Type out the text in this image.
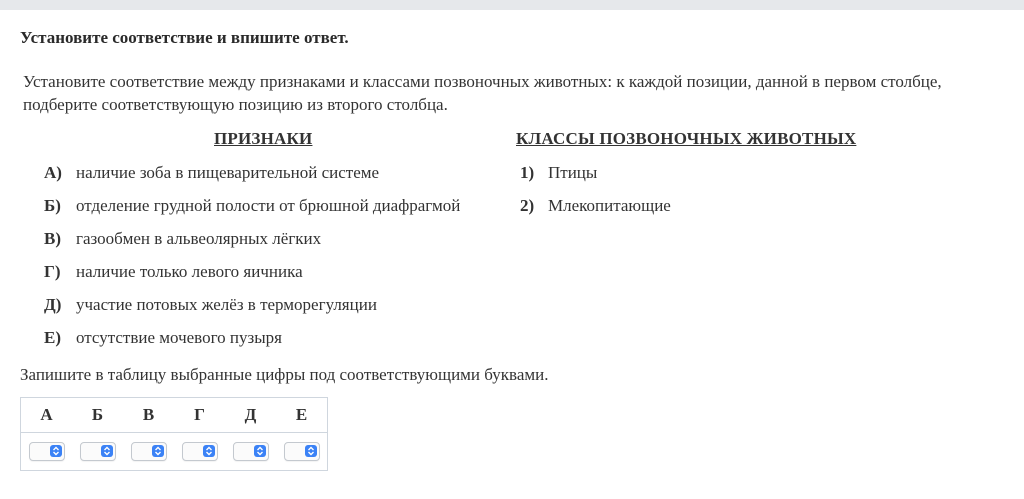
Установите соответствие и впишите ответ.
Установите соответствие между признаками и классами позвоночных животных: к каждой позиции, данной в первом столбце, подберите соответствующую позицию из второго столбца.
ПРИЗНАКИ	КЛАССЫ ПОЗВОНОЧНЫХ ЖИВОТНЫХ
А) наличие зоба в пищеварительной системе
Б) отделение грудной полости от брюшной диафрагмой
В) газообмен в альвеолярных лёгких
Г) наличие только левого яичника
Д) участие потовых желёз в терморегуляции
Е) отсутствие мочевого пузыря
1) Птицы
2) Млекопитающие
Запишите в таблицу выбранные цифры под соответствующими буквами.
А	Б	В	Г	Д	Е
